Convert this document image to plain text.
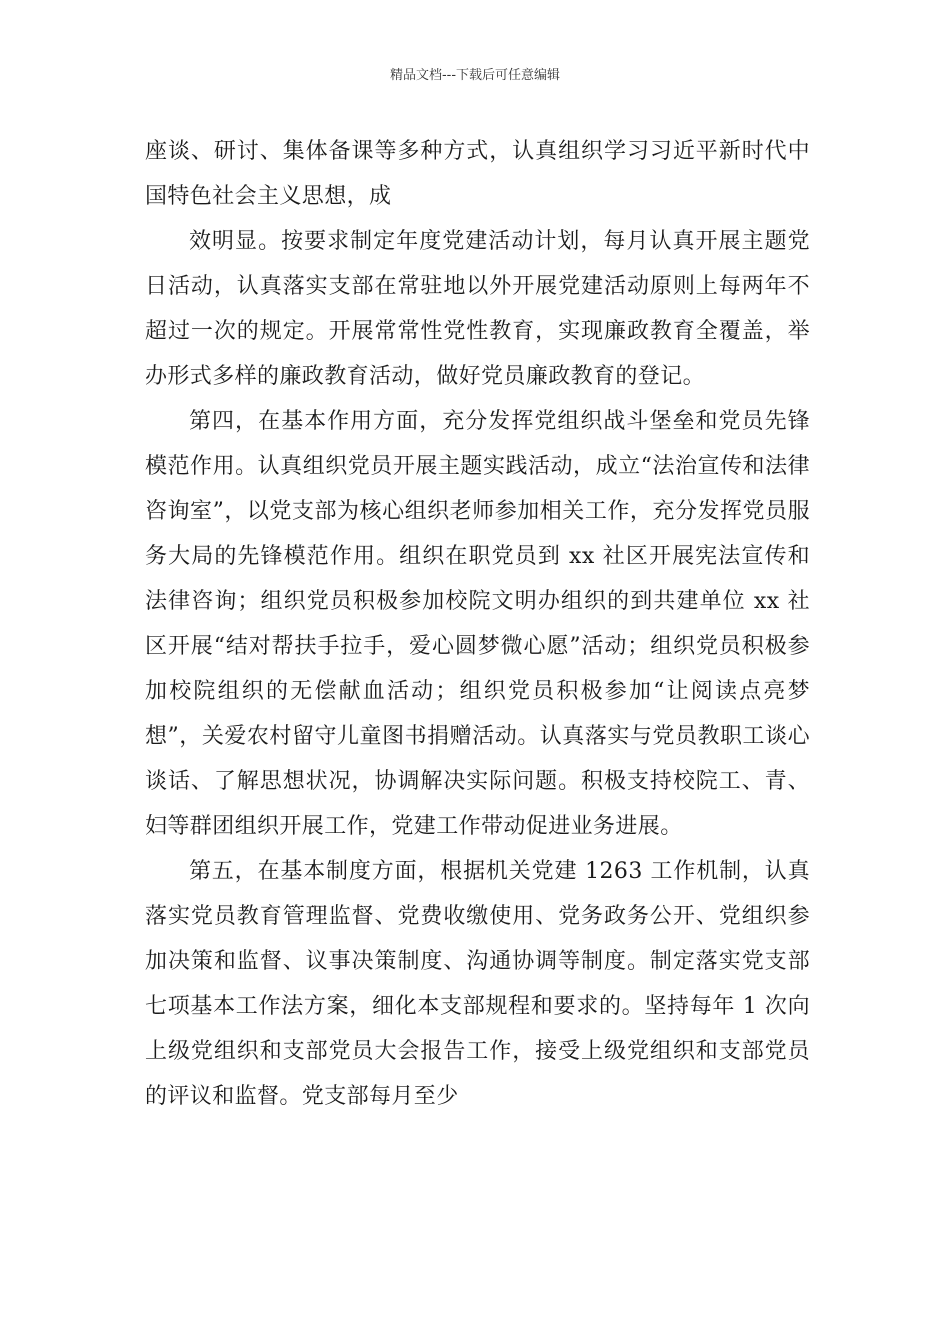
精品文档---下载后可任意编辑

座谈、研讨、集体备课等多种方式，认真组织学习习近平新时代中国特色社会主义思想，成

效明显。按要求制定年度党建活动计划，每月认真开展主题党日活动，认真落实支部在常驻地以外开展党建活动原则上每两年不超过一次的规定。开展常常性党性教育，实现廉政教育全覆盖，举办形式多样的廉政教育活动，做好党员廉政教育的登记。

第四，在基本作用方面，充分发挥党组织战斗堡垒和党员先锋模范作用。认真组织党员开展主题实践活动，成立“法治宣传和法律咨询室”，以党支部为核心组织老师参加相关工作，充分发挥党员服务大局的先锋模范作用。组织在职党员到 xx 社区开展宪法宣传和法律咨询；组织党员积极参加校院文明办组织的到共建单位 xx 社区开展“结对帮扶手拉手，爱心圆梦微心愿”活动；组织党员积极参加校院组织的无偿献血活动；组织党员积极参加“让阅读点亮梦想”，关爱农村留守儿童图书捐赠活动。认真落实与党员教职工谈心谈话、了解思想状况，协调解决实际问题。积极支持校院工、青、妇等群团组织开展工作，党建工作带动促进业务进展。

第五，在基本制度方面，根据机关党建 1263 工作机制，认真落实党员教育管理监督、党费收缴使用、党务政务公开、党组织参加决策和监督、议事决策制度、沟通协调等制度。制定落实党支部七项基本工作法方案，细化本支部规程和要求的。坚持每年 1 次向上级党组织和支部党员大会报告工作，接受上级党组织和支部党员的评议和监督。党支部每月至少
